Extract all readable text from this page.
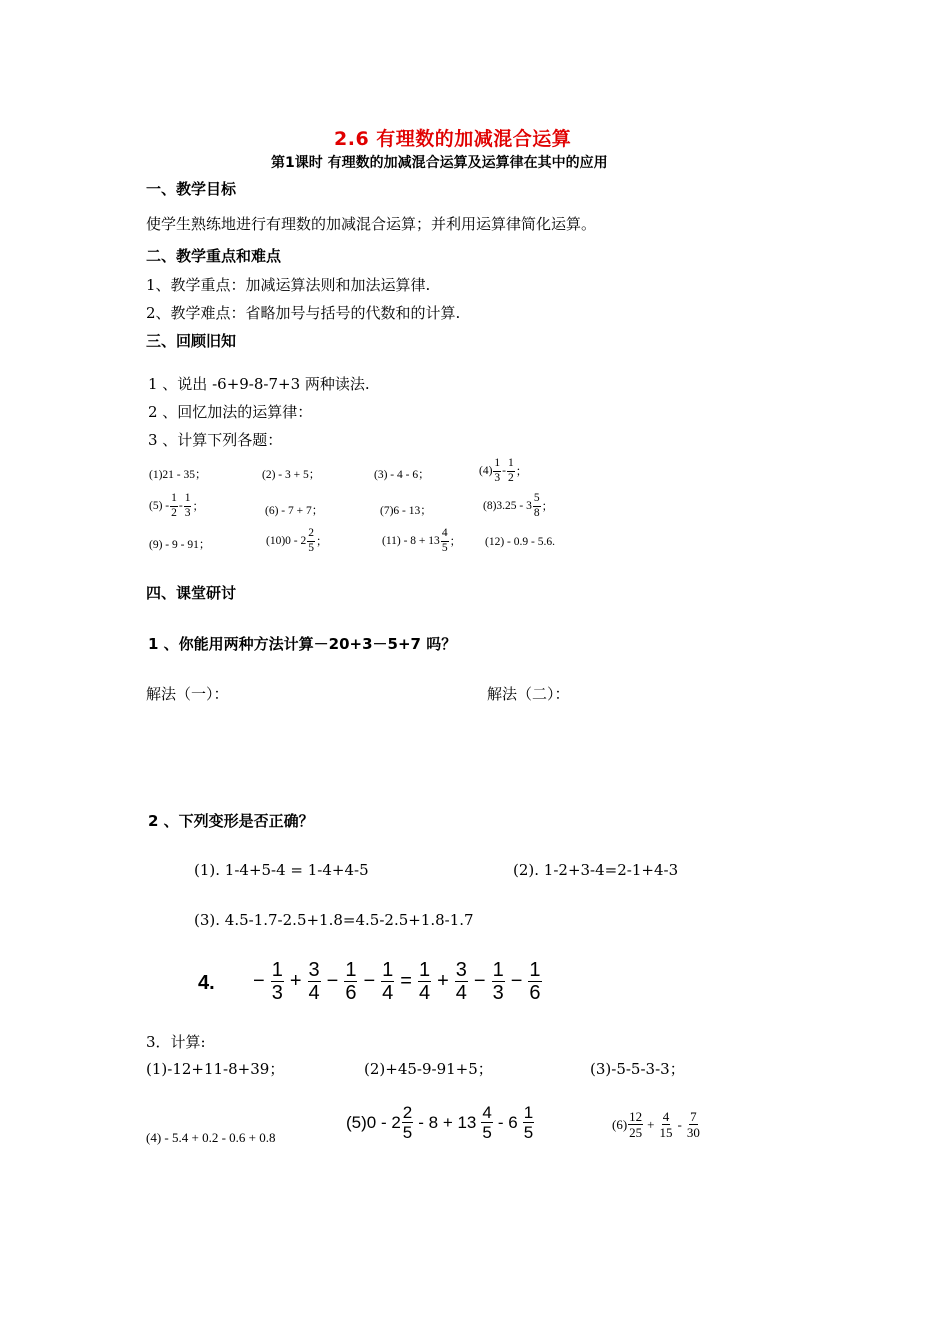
2.6 有理数的加减混合运算
第1课时 有理数的加减混合运算及运算律在其中的应用
一、教学目标
使学生熟练地进行有理数的加减混合运算；并利用运算律简化运算。
二、教学重点和难点
1、教学重点：加减运算法则和加法运算律.
2、教学难点：省略加号与括号的代数和的计算.
三、回顾旧知
1 、说出 -6+9-8-7+3 两种读法.
2 、回忆加法的运算律：
3 、计算下列各题：
(1)21 - 35；	(2) - 3 + 5；	(3) - 4 - 6；	$(4) \frac{1}{3} - \frac{1}{2}$ ；
$(5) - \frac{1}{2} - \frac{1}{3}$ ；	(6) - 7 + 7；	(7)6 - 13；	$(8)3.25 - 3 \frac{5}{8}$ ；
(9) - 9 - 91；	$(10)0 - 2 \frac{2}{5}$ ；	$(11) - 8 + 13 \frac{4}{5}$ ； (12) - 0.9 - 5.6.
四、课堂研讨
1 、你能用两种方法计算－20+3－5+7 吗？
解法（一）：	解法（二）：
2 、下列变形是否正确？
(1). 1-4+5-4 = 1-4+4-5	(2). 1-2+3-4=2-1+4-3
(3). 4.5-1.7-2.5+1.8=4.5-2.5+1.8-1.7
4. − $\frac{1}{3} + \frac{3}{4} - \frac{1}{6} - \frac{1}{4} = \frac{1}{4} + \frac{3}{4} - \frac{1}{3} - \frac{1}{6}$
3．计算:
(1)-12+11-8+39；	(2)+45-9-91+5；	(3)-5-5-3-3；
(4) - 5.4 + 0.2 - 0.6 + 0.8
$(5)0 - 2 \frac{2}{5} - 8 + 13 \frac{4}{5} - 6 \frac{1}{5}$	$(6) \frac{12}{25} + \frac{4}{15} - \frac{7}{30}$
